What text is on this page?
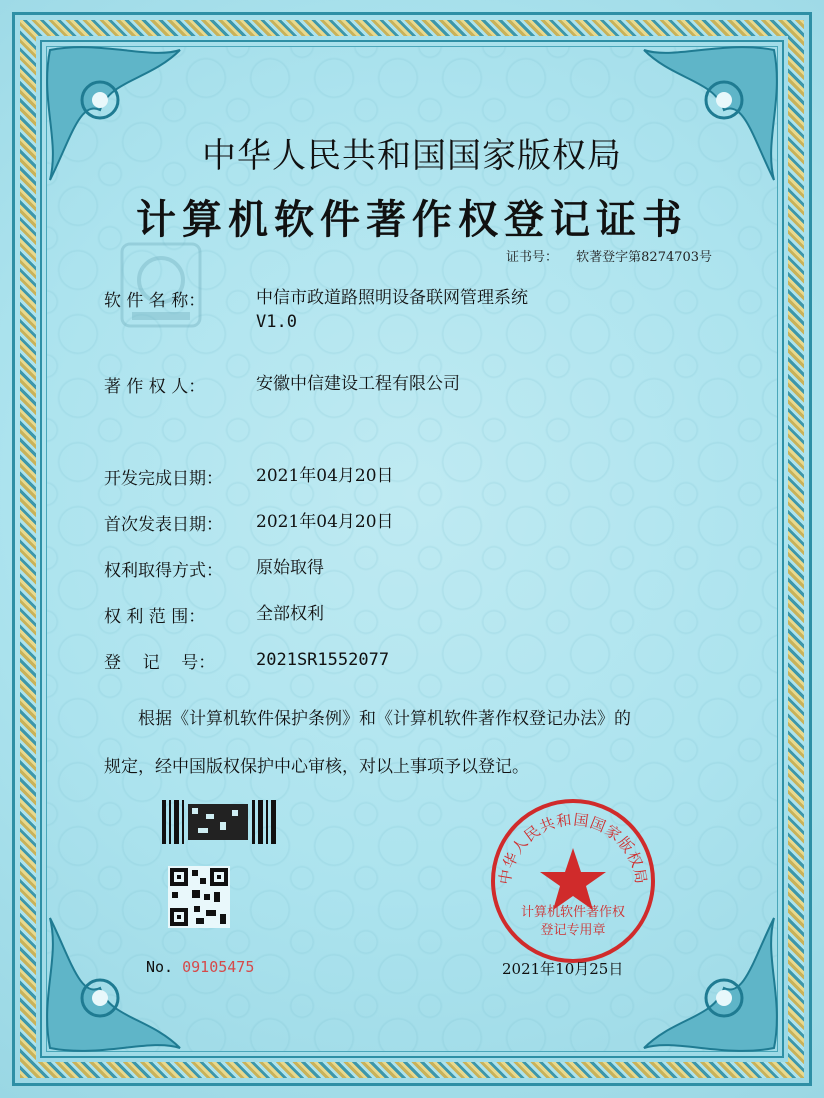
中华人民共和国国家版权局
计算机软件著作权登记证书
证书号： 软著登字第8274703号
软 件 名 称：	中信市政道路照明设备联网管理系统
V1.0
著 作 权 人：	安徽中信建设工程有限公司
开发完成日期：	2021年04月20日
首次发表日期：	2021年04月20日
权利取得方式：	原始取得
权 利 范 围：	全部权利
登    记    号：	2021SR1552077
根据《计算机软件保护条例》和《计算机软件著作权登记办法》的
规定，经中国版权保护中心审核，对以上事项予以登记。
No. 09105475
中华人民共和国国家版权局
计算机软件著作权
登记专用章
2021年10月25日
